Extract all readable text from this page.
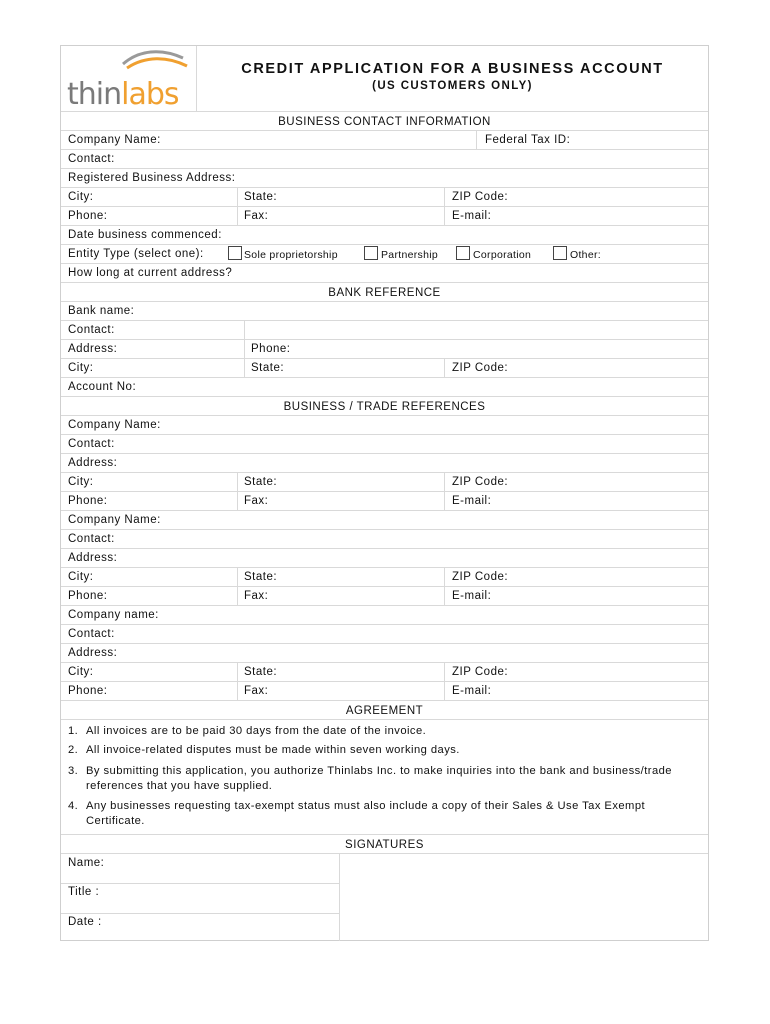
thinlabs
CREDIT APPLICATION FOR A BUSINESS ACCOUNT
(US CUSTOMERS ONLY)
BUSINESS CONTACT INFORMATION
Company Name:	Federal Tax ID:
Contact:
Registered Business Address:
City:	State:	ZIP Code:
Phone:	Fax:	E-mail:
Date business commenced:
Entity Type (select one):	Sole proprietorship	Partnership	Corporation	Other:
How long at current address?
BANK REFERENCE
Bank name:
Contact:
Address:	Phone:
City:	State:	ZIP Code:
Account No:
BUSINESS / TRADE REFERENCES
Company Name:
Contact:
Address:
City:	State:	ZIP Code:
Phone:	Fax:	E-mail:
Company Name:
Contact:
Address:
City:	State:	ZIP Code:
Phone:	Fax:	E-mail:
Company name:
Contact:
Address:
City:	State:	ZIP Code:
Phone:	Fax:	E-mail:
AGREEMENT
1. All invoices are to be paid 30 days from the date of the invoice.
2. All invoice-related disputes must be made within seven working days.
3. By submitting this application, you authorize Thinlabs Inc. to make inquiries into the bank and business/trade references that you have supplied.
4. Any businesses requesting tax-exempt status must also include a copy of their Sales & Use Tax Exempt Certificate.
SIGNATURES
Name:
Title :
Date :
